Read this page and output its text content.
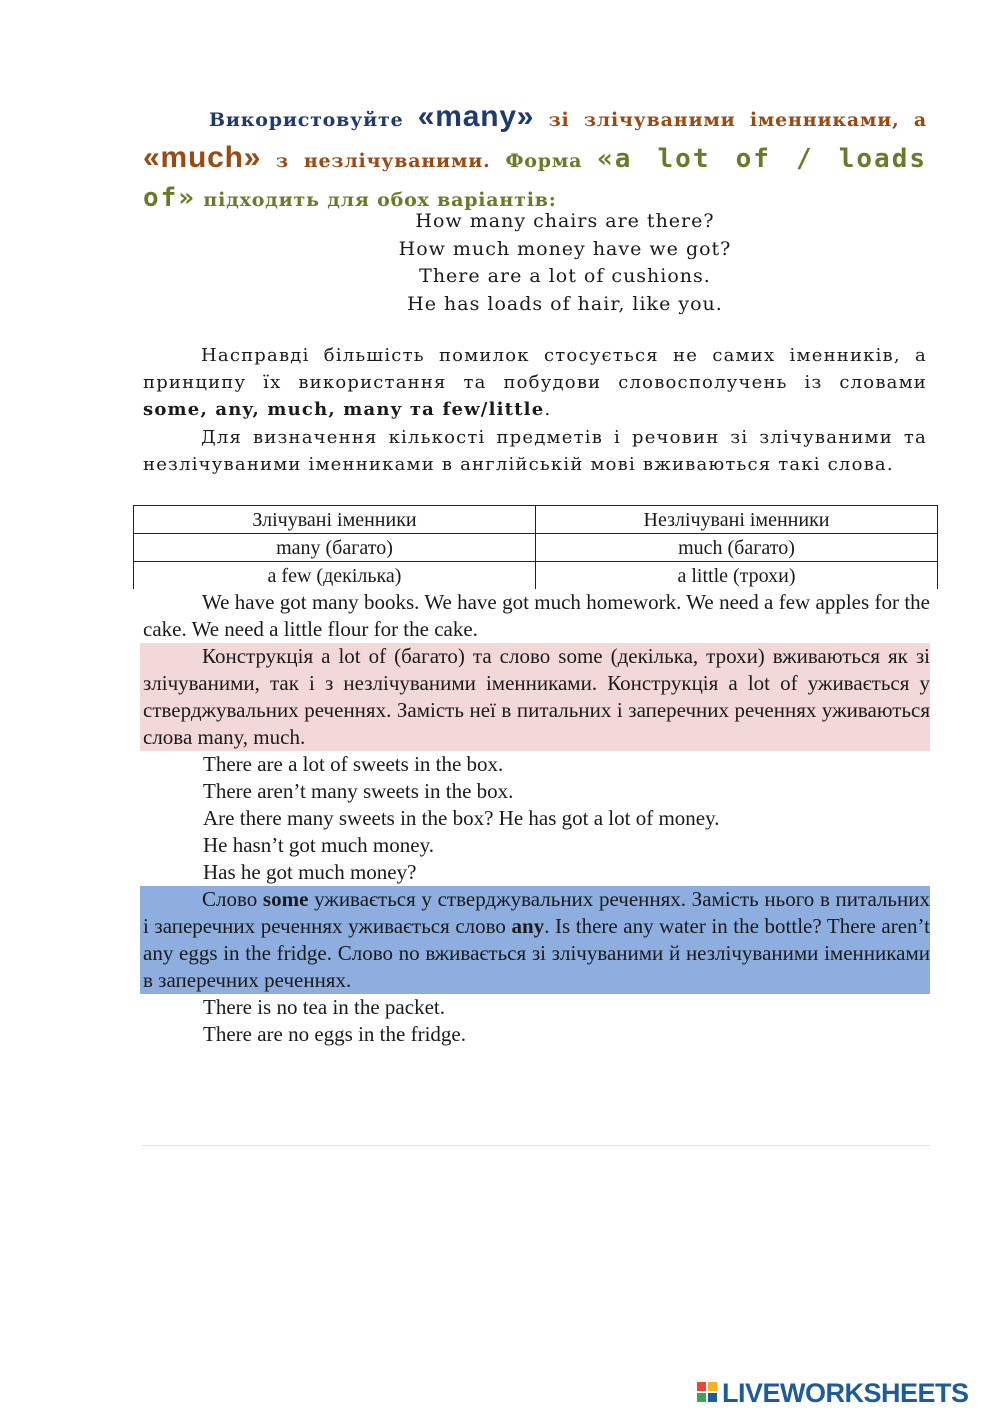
Використовуйте «many» зі злічуваними іменниками, а «much» з незлічуваними. Форма «a lot of / loads of» підходить для обох варіантів:
How many chairs are there?
How much money have we got?
There are a lot of cushions.
He has loads of hair, like you.
Насправді більшість помилок стосується не самих іменників, а принципу їх використання та побудови словосполучень із словами some, any, much, many та few/little.
Для визначення кількості предметів і речовин зі злічуваними та незлічуваними іменниками в англійській мові вживаються такі слова.
Злічувані іменники	Незлічувані іменники
many (багато)	much (багато)
a few (декілька)	a little (трохи)
We have got many books. We have got much homework. We need a few apples for the cake. We need a little flour for the cake.
Конструкція a lot of (багато) та слово some (декілька, трохи) вживаються як зі злічуваними, так і з незлічуваними іменниками. Конструкція a lot of уживається у стверджувальних реченнях. Замість неї в питальних і заперечних реченнях уживаються слова many, much.
There are a lot of sweets in the box.
There aren’t many sweets in the box.
Are there many sweets in the box? He has got a lot of money.
He hasn’t got much money.
Has he got much money?
Слово some уживається у стверджувальних реченнях. Замість нього в питальних і заперечних реченнях уживається слово any. Is there any water in the bottle? There aren’t any eggs in the fridge. Слово no вживається зі злічуваними й незлічуваними іменниками в заперечних реченнях.
There is no tea in the packet.
There are no eggs in the fridge.
LIVEWORKSHEETS
